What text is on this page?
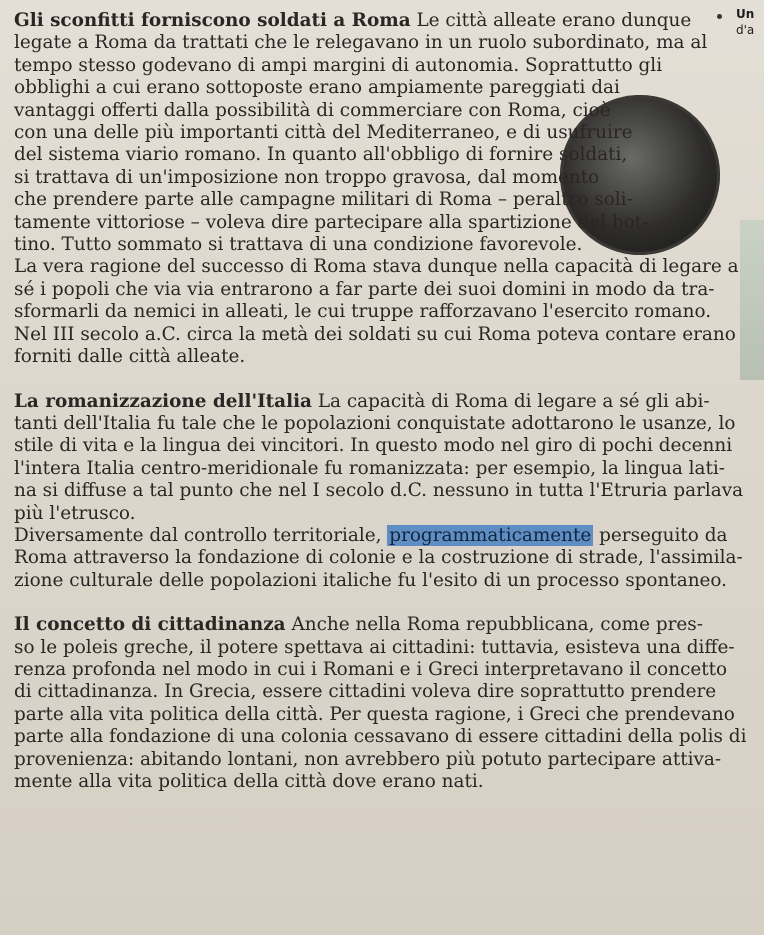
Un
d'a
Gli sconfitti forniscono soldati a Roma Le città alleate erano dunque
legate a Roma da trattati che le relegavano in un ruolo subordinato, ma al
tempo stesso godevano di ampi margini di autonomia. Soprattutto gli
obblighi a cui erano sottoposte erano ampiamente pareggiati dai
vantaggi offerti dalla possibilità di commerciare con Roma, cioè
con una delle più importanti città del Mediterraneo, e di usufruire
del sistema viario romano. In quanto all'obbligo di fornire soldati,
si trattava di un'imposizione non troppo gravosa, dal momento
che prendere parte alle campagne militari di Roma – peraltro soli-
tamente vittoriose – voleva dire partecipare alla spartizione del bot-
tino. Tutto sommato si trattava di una condizione favorevole.
La vera ragione del successo di Roma stava dunque nella capacità di legare a
sé i popoli che via via entrarono a far parte dei suoi domini in modo da tra-
sformarli da nemici in alleati, le cui truppe rafforzavano l'esercito romano.
Nel III secolo a.C. circa la metà dei soldati su cui Roma poteva contare erano
forniti dalle città alleate.
La romanizzazione dell'Italia La capacità di Roma di legare a sé gli abi-
tanti dell'Italia fu tale che le popolazioni conquistate adottarono le usanze, lo
stile di vita e la lingua dei vincitori. In questo modo nel giro di pochi decenni
l'intera Italia centro-meridionale fu romanizzata: per esempio, la lingua lati-
na si diffuse a tal punto che nel I secolo d.C. nessuno in tutta l'Etruria parlava
più l'etrusco.
Diversamente dal controllo territoriale, programmaticamente perseguito da
Roma attraverso la fondazione di colonie e la costruzione di strade, l'assimila-
zione culturale delle popolazioni italiche fu l'esito di un processo spontaneo.
Il concetto di cittadinanza Anche nella Roma repubblicana, come pres-
so le poleis greche, il potere spettava ai cittadini: tuttavia, esisteva una diffe-
renza profonda nel modo in cui i Romani e i Greci interpretavano il concetto
di cittadinanza. In Grecia, essere cittadini voleva dire soprattutto prendere
parte alla vita politica della città. Per questa ragione, i Greci che prendevano
parte alla fondazione di una colonia cessavano di essere cittadini della polis di
provenienza: abitando lontani, non avrebbero più potuto partecipare attiva-
mente alla vita politica della città dove erano nati.
